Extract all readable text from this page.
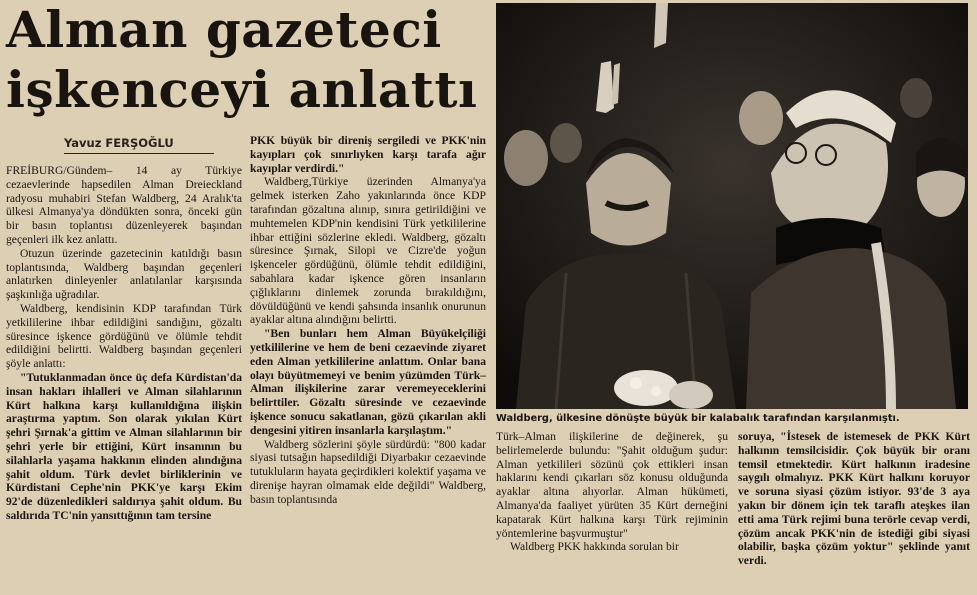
Alman gazeteci
işkenceyi anlattı
Yavuz FERŞOĞLU

FREİBURG/Gündem– 14 ay Türkiye cezaevlerinde hapsedilen Alman Dreieckland radyosu muhabiri Stefan Waldberg, 24 Aralık'ta ülkesi Almanya'ya döndükten sonra, önceki gün bir basın toplantısı düzenleyerek başından geçenleri ilk kez anlattı.

Otuzun üzerinde gazetecinin katıldığı basın toplantısında, Waldberg başından geçenleri anlatırken dinleyenler anlatılanlar karşısında şaşkınlığa uğradılar.

Waldberg, kendisinin KDP tarafından Türk yetkililerine ihbar edildiğini sandığını, gözaltı süresince işkence gördüğünü ve ölümle tehdit edildiğini belirtti. Waldberg başından geçenleri şöyle anlattı:

"Tutuklanmadan önce üç defa Kürdistan'da insan hakları ihlalleri ve Alman silahlarının Kürt halkına karşı kullanıldığına ilişkin araştırma yaptım. Son olarak yıkılan Kürt şehri Şırnak'a gittim ve Alman silahlarının bir şehri yerle bir ettiğini, Kürt insanının bu silahlarla yaşama hakkının elinden alındığına şahit oldum. Türk devlet birliklerinin ve Kürdistani Cephe'nin PKK'ye karşı Ekim 92'de düzenledikleri saldırıya şahit oldum. Bu saldırıda TC'nin yansıttığının tam tersine

PKK büyük bir direniş sergiledi ve PKK'nin kayıpları çok sınırlıyken karşı tarafa ağır kayıplar verdirdi."

Waldberg,Türkiye üzerinden Almanya'ya gelmek isterken Zaho yakınlarında önce KDP tarafından gözaltına alınıp, sınıra getirildiğini ve muhtemelen KDP'nin kendisini Türk yetkililerine ihbar ettiğini sözlerine ekledi. Waldberg, gözaltı süresince Şırnak, Silopi ve Cizre'de yoğun işkenceler gördüğünü, ölümle tehdit edildiğini, sabahlara kadar işkence gören insanların çığlıklarını dinlemek zorunda bırakıldığını, dövüldüğünü ve kendi şahsında insanlık onurunun ayaklar altına alındığını belirtti.

"Ben bunları hem Alman Büyükelçiliği yetkililerine ve hem de beni cezaevinde ziyaret eden Alman yetkililerine anlattım. Onlar bana olayı büyütmemeyi ve benim yüzümden Türk–Alman ilişkilerine zarar veremeyeceklerini belirttiler. Gözaltı süresinde ve cezaevinde işkence sonucu sakatlanan, gözü çıkarılan akli dengesini yitiren insanlarla karşılaştım."

Waldberg sözlerini şöyle sürdürdü: "800 kadar siyasi tutsağın hapsedildiği Diyarbakır cezaevinde tutukluların hayata geçirdikleri kolektif yaşama ve direnişe hayran olmamak elde değildi" Waldberg, basın toplantısında

Waldberg, ülkesine dönüşte büyük bir kalabalık tarafından karşılanmıştı.

Türk–Alman ilişkilerine de değinerek, şu belirlemelerde bulundu: "Şahit olduğum şudur: Alman yetkilileri sözünü çok ettikleri insan haklarını kendi çıkarları söz konusu olduğunda ayaklar altına alıyorlar. Alman hükümeti, Almanya'da faaliyet yürüten 35 Kürt derneğini kapatarak Kürt halkına karşı Türk rejiminin yöntemlerine başvurmuştur"

Waldberg PKK hakkında sorulan bir

soruya, "İstesek de istemesek de PKK Kürt halkının temsilcisidir. Çok büyük bir oranı temsil etmektedir. Kürt halkının iradesine saygılı olmalıyız. PKK Kürt halkını koruyor ve soruna siyasi çözüm istiyor. 93'de 3 aya yakın bir dönem için tek taraflı ateşkes ilan etti ama Türk rejimi buna terörle cevap verdi, çözüm ancak PKK'nin de istediği gibi siyasi olabilir, başka çözüm yoktur" şeklinde yanıt verdi.
